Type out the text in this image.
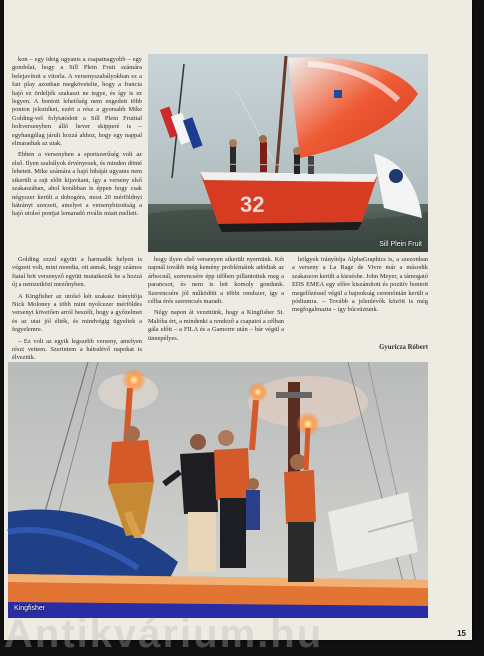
kon – egy ideig ugyanis a csapatnagyobb – egy gondolat, hogy a Sill Plein Fruit számára belejavított a vitorla. A versenyszabályokban ez a fair play azonban megkövetelte, hogy a francia hajó ez ördeljék szakaszt ne tegye, és így is ez legyen. A bontott lehetőség nem engedett több ponton jeleztéket, ezért a rész a gyorsabb Mike Golding-vel folytatódott a Sill Plein Fruittal holtversenyben álló hever skipperé is – egyhangúlag járult hozzá ahhoz, hogy egy nappal elmaradtak az utak.

Ebben a versenyben a sportszerűség volt az első. Ilyen szabályok érvényesek, és minden dönté lehetett. Mike számára a hajó hibáját ugyanis nem sikerült a rajt előtt kijavítani, így a verseny első szakaszában, ahol korábban is éppen hogy csak négyszer került a dobogóra, most 20 mérföldnyi hátrányt szerzett, amelyet a versenybizottság a hajó utolsó pontjai lemaradó rivális miatt mellett.	32
Sill Plein Fruit

Golding ezzel együtt a harmadik helyen is végzett volt, mint mondta, ott annak, hogy számos fiatal brit versenyző együtt mutatkozik be a hozzá új a nemzetközi mezőnyben.

A Kingfisher az utolsó két szakasz irányítója Nick Moloney a több mint nyolcezer mérföldes versenyt követően arról beszélt, hogy a győzelmet és az utat jól élték, és mindvégig ügyeltek a fegyelemre.

– Ez volt az egyik legszebb verseny, amelyen részt vettem. Szerintem a hátralévő napokat is élveztük.

hogy ilyen első versenyen sikerült nyernünk. Két napnál tovább még kemény problémáink adódtak az árbocnál, szerencsére épp időben pillantottuk meg a parancsot, és nem is lett komoly gondunk. Szerencsére jól működött a többi rendszer, így a célba érés szerencsés maradt.

Négy napon át vezettünk, hogy a Kingfisher St. Malóba ért, a mindenki a rendező a csapatot a célban gála előtt – a FILA és a Gamorre után – bár végül a ünnepélyes.

hölgyek irányítója AlphaGraphics is, a szezonban a verseny a La Rage de Vivre már a második szakaszon került a kiesésbe. John Meyer, a támogató EDS EMEA egy előre kiszámított és pozitív bontott megelőzéssel végül a bajnokság ceremónián került a pódiumra. – Tovább a jelenlévők között is még megfogalmazta – így búcsúztunk.

Gyuricza Róbert
Kingfisher
Antikvárium.hu	15
